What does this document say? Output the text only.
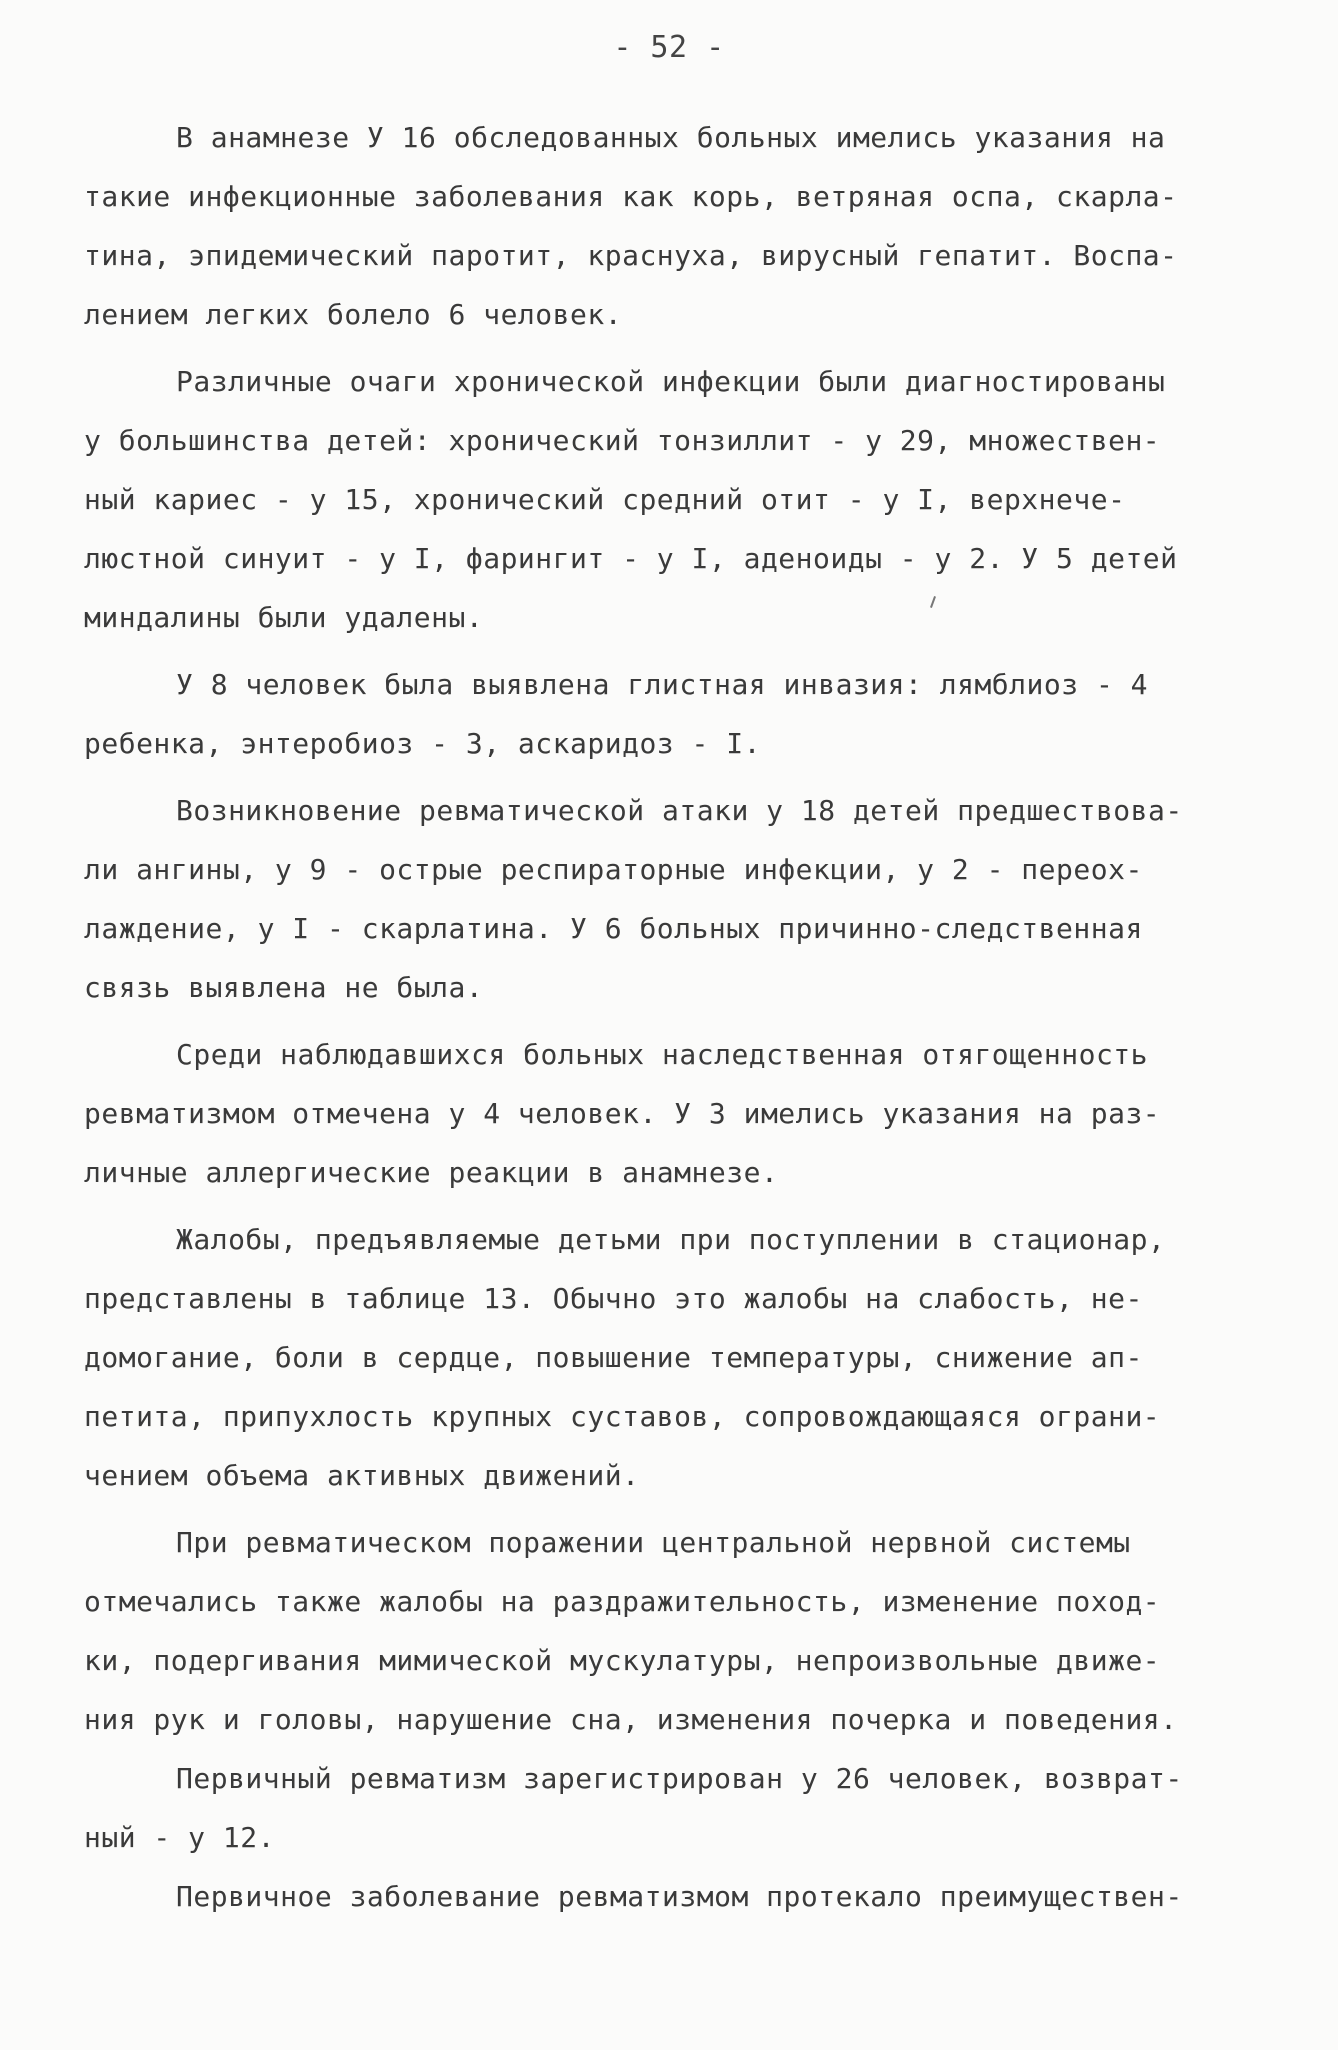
- 52 -
В анамнезе У 16 обследованных больных имелись указания на
такие инфекционные заболевания как корь, ветряная оспа, скарла-
тина, эпидемический паротит, краснуха, вирусный гепатит. Воспа-
лением легких болело 6 человек.
Различные очаги хронической инфекции были диагностированы
у большинства детей: хронический тонзиллит - у 29, множествен-
ный кариес - у 15, хронический средний отит - у I, верхнече-
люстной синуит - у I, фарингит - у I, аденоиды - у 2. У 5 детей
миндалины были удалены.
У 8 человек была выявлена глистная инвазия: лямблиоз - 4
ребенка, энтеробиоз - 3, аскаридоз - I.
Возникновение ревматической атаки у 18 детей предшествова-
ли ангины, у 9 - острые респираторные инфекции, у 2 - переох-
лаждение, у I - скарлатина. У 6 больных причинно-следственная
связь выявлена не была.
Среди наблюдавшихся больных наследственная отягощенность
ревматизмом отмечена у 4 человек. У 3 имелись указания на раз-
личные аллергические реакции в анамнезе.
Жалобы, предъявляемые детьми при поступлении в стационар,
представлены в таблице 13. Обычно это жалобы на слабость, не-
домогание, боли в сердце, повышение температуры, снижение ап-
петита, припухлость крупных суставов, сопровождающаяся ограни-
чением объема активных движений.
При ревматическом поражении центральной нервной системы
отмечались также жалобы на раздражительность, изменение поход-
ки, подергивания мимической мускулатуры, непроизвольные движе-
ния рук и головы, нарушение сна, изменения почерка и поведения.
Первичный ревматизм зарегистрирован у 26 человек, возврат-
ный - у 12.
Первичное заболевание ревматизмом протекало преимуществен-
